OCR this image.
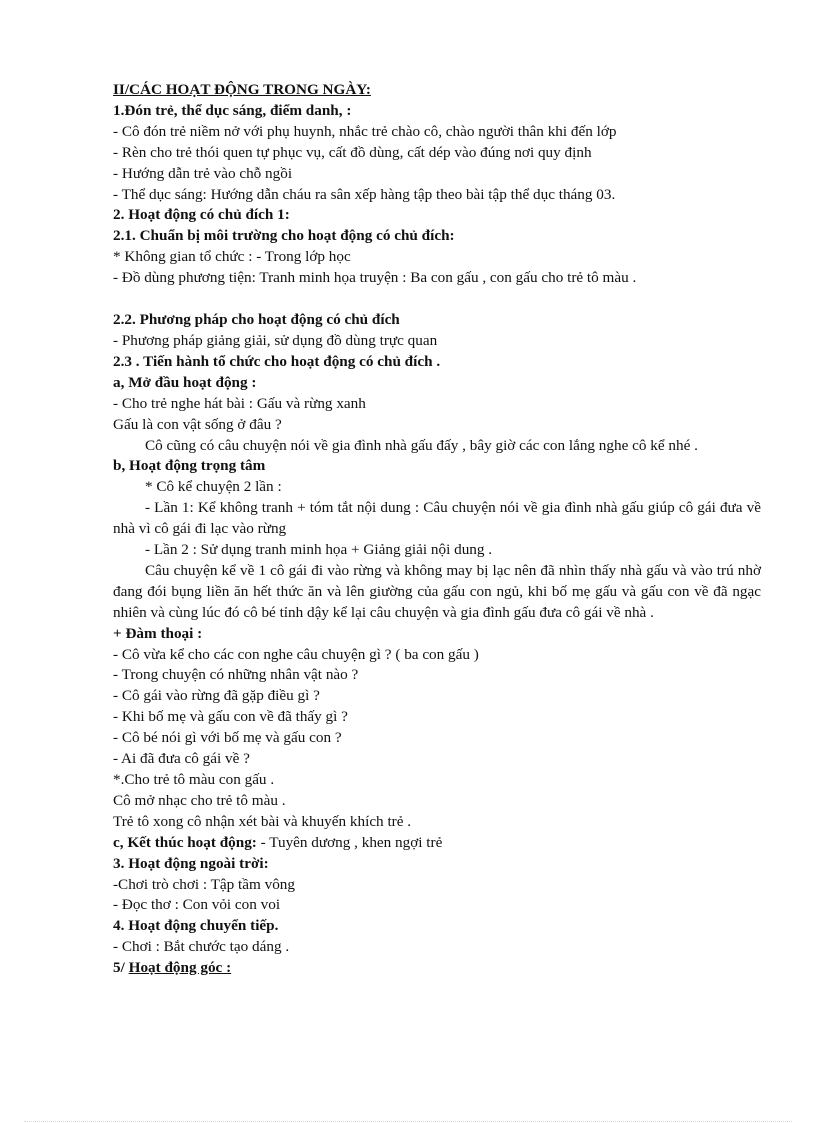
II/CÁC HOẠT ĐỘNG TRONG NGÀY:
1.Đón trẻ, thể dục sáng, điểm danh, :
- Cô đón trẻ niềm nở với phụ huynh, nhắc trẻ chào cô, chào người thân khi đến lớp
- Rèn cho trẻ thói quen tự phục vụ, cất đồ dùng, cất dép vào đúng nơi quy định
- Hướng dẫn trẻ vào chỗ ngồi
- Thể dục sáng: Hướng dẫn cháu ra sân xếp hàng tập theo bài tập thể dục tháng 03.
2. Hoạt động có chủ đích 1:
2.1. Chuẩn bị môi trường cho hoạt động có chủ đích:
* Không gian tổ chức : - Trong lớp học
- Đồ dùng phương tiện: Tranh minh họa truyện : Ba con gấu , con gấu cho trẻ tô màu .
2.2. Phương pháp cho hoạt động có chủ đích
- Phương pháp giảng giải, sử dụng đồ dùng trực quan
2.3 . Tiến hành tổ chức cho hoạt động có chủ đích .
a, Mở đầu hoạt động :
- Cho trẻ nghe hát bài : Gấu và rừng xanh
Gấu là con vật sống ở đâu ?
Cô cũng có câu chuyện nói về gia đình nhà gấu đấy , bây giờ các con lắng nghe cô kể nhé .
b, Hoạt động trọng tâm
* Cô kể chuyện 2 lần :
- Lần 1: Kể không tranh + tóm tắt nội dung : Câu chuyện nói về gia đình nhà gấu giúp cô gái đưa về nhà vì cô gái đi lạc vào rừng
- Lần 2 : Sử dụng tranh minh họa + Giảng giải nội dung .
Câu chuyện kể về 1 cô gái đi vào rừng và không may bị lạc nên đã nhìn thấy nhà gấu và vào trú nhờ đang đói bụng liền ăn hết thức ăn và lên giường của gấu con ngủ, khi bố mẹ gấu và gấu con về đã ngạc nhiên và cùng lúc đó cô bé tỉnh dậy kể lại câu chuyện và gia đình gấu đưa cô gái về nhà .
+ Đàm thoại :
- Cô vừa kể cho các con nghe câu chuyện gì ? ( ba con gấu )
- Trong chuyện có những nhân vật nào ?
- Cô gái vào rừng đã gặp điều gì ?
- Khi bố mẹ và gấu con về đã thấy gì ?
- Cô bé nói gì với bố mẹ và gấu con ?
- Ai đã đưa cô gái về ?
*.Cho trẻ tô màu con gấu .
Cô mở nhạc cho trẻ tô màu .
Trẻ tô xong cô nhận xét bài và khuyến khích trẻ .
c, Kết thúc hoạt động: - Tuyên dương , khen ngợi trẻ
3. Hoạt động ngoài trời:
-Chơi trò chơi : Tập tầm vông
- Đọc thơ : Con vỏi con voi
4. Hoạt động chuyển tiếp.
- Chơi : Bắt chước tạo dáng .
5/ Hoạt động góc :
